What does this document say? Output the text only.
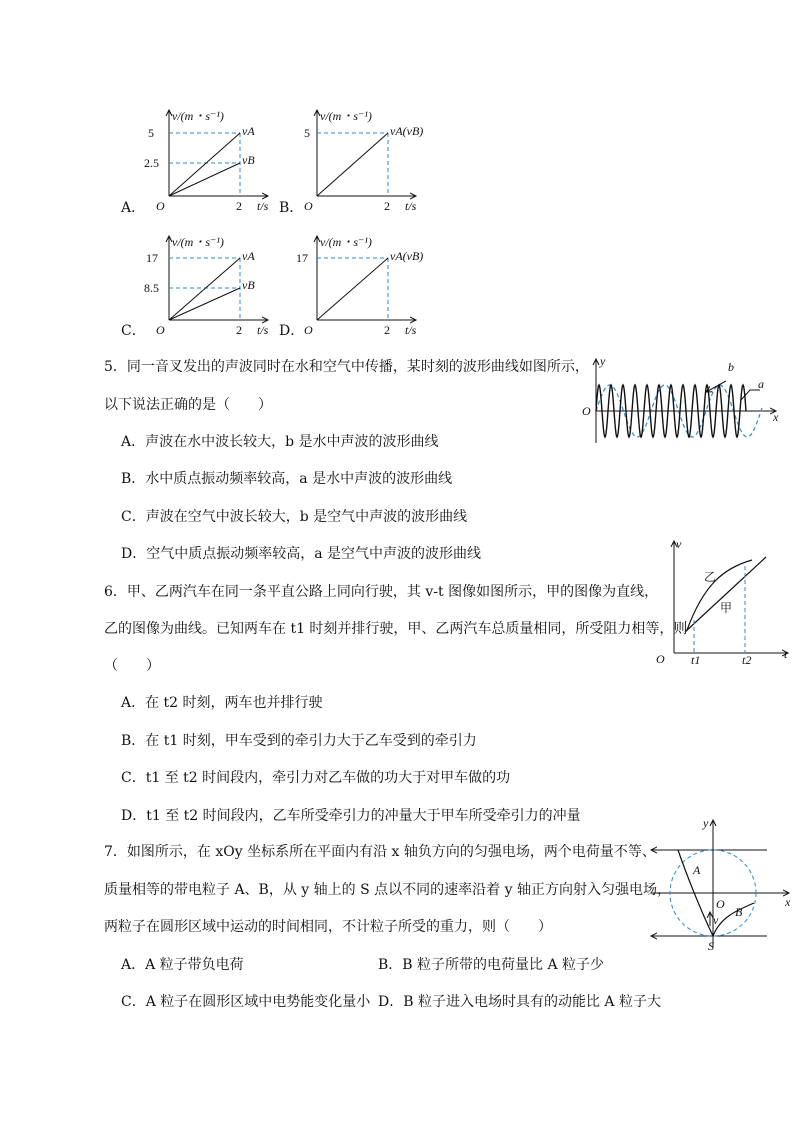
A．
v/(m・s⁻¹)
5
2.5
O	2 t/s
vA
vB
B．
v/(m・s⁻¹)
5
O	2 t/s
vA(vB)
C．
v/(m・s⁻¹)
17
8.5
O	2 t/s
vA
vB
D．
v/(m・s⁻¹)
17
O	2 t/s
vA(vB)
5．同一音叉发出的声波同时在水和空气中传播，某时刻的波形曲线如图所示，
以下说法正确的是（　　）
A．声波在水中波长较大，b 是水中声波的波形曲线
B．水中质点振动频率较高，a 是水中声波的波形曲线
C．声波在空气中波长较大，b 是空气中声波的波形曲线
D．空气中质点振动频率较高，a 是空气中声波的波形曲线
y
O	x
b
a
6．甲、乙两汽车在同一条平直公路上同向行驶，其 v-t 图像如图所示，甲的图像为直线，
乙的图像为曲线。已知两车在 t1 时刻并排行驶，甲、乙两汽车总质量相同，所受阻力相等，则
（　　）
A．在 t2 时刻，两车也并排行驶
B．在 t1 时刻，甲车受到的牵引力大于乙车受到的牵引力
C．t1 至 t2 时间段内，牵引力对乙车做的功大于对甲车做的功
D．t1 至 t2 时间段内，乙车所受牵引力的冲量大于甲车所受牵引力的冲量
v
O	t
t1	t2
乙
甲
7．如图所示，在 xOy 坐标系所在平面内有沿 x 轴负方向的匀强电场，两个电荷量不等、
质量相等的带电粒子 A、B，从 y 轴上的 S 点以不同的速率沿着 y 轴正方向射入匀强电场，
两粒子在圆形区域中运动的时间相同，不计粒子所受的重力，则（　　）
A．A 粒子带负电荷	B．B 粒子所带的电荷量比 A 粒子少
C．A 粒子在圆形区域中电势能变化量小 D．B 粒子进入电场时具有的动能比 A 粒子大
y
x
O
A
B
S
v
